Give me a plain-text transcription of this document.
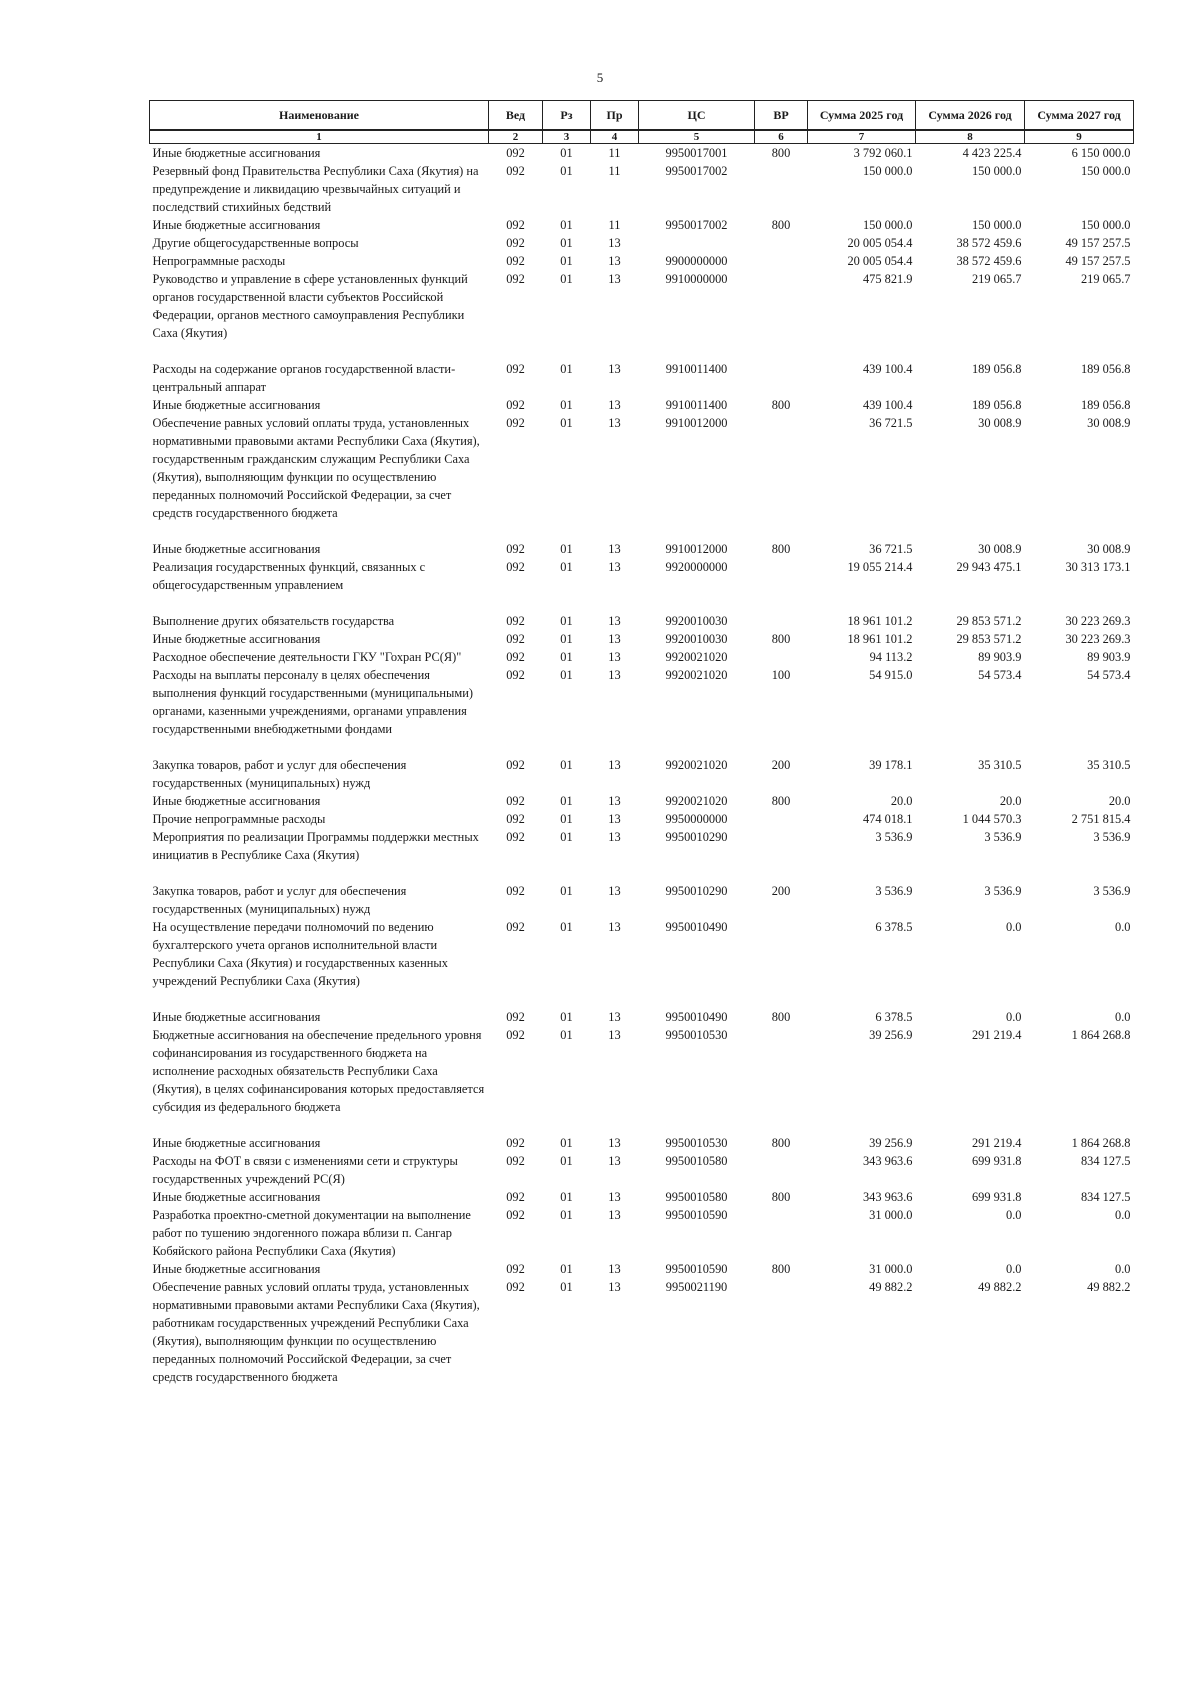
5
Наименование	Вед	Рз	Пр	ЦС	ВР	Сумма 2025 год	Сумма 2026 год	Сумма 2027 год
1	2	3	4	5	6	7	8	9
Иные бюджетные ассигнования	092	01	11	9950017001	800	3 792 060.1	4 423 225.4	6 150 000.0
Резервный фонд Правительства Республики Саха (Якутия) на предупреждение и ликвидацию чрезвычайных ситуаций и последствий стихийных бедствий	092	01	11	9950017002		150 000.0	150 000.0	150 000.0
Иные бюджетные ассигнования	092	01	11	9950017002	800	150 000.0	150 000.0	150 000.0
Другие общегосударственные вопросы	092	01	13			20 005 054.4	38 572 459.6	49 157 257.5
Непрограммные расходы	092	01	13	9900000000		20 005 054.4	38 572 459.6	49 157 257.5
Руководство и управление в сфере установленных функций органов государственной власти субъектов Российской Федерации, органов местного самоуправления Республики Саха (Якутия)	092	01	13	9910000000		475 821.9	219 065.7	219 065.7
Расходы на содержание органов государственной власти- центральный аппарат	092	01	13	9910011400		439 100.4	189 056.8	189 056.8
Иные бюджетные ассигнования	092	01	13	9910011400	800	439 100.4	189 056.8	189 056.8
Обеспечение равных условий оплаты труда, установленных нормативными правовыми актами Республики Саха (Якутия), государственным гражданским служащим Республики Саха (Якутия), выполняющим функции по осуществлению переданных полномочий Российской Федерации, за счет средств государственного бюджета	092	01	13	9910012000		36 721.5	30 008.9	30 008.9
Иные бюджетные ассигнования	092	01	13	9910012000	800	36 721.5	30 008.9	30 008.9
Реализация государственных функций, связанных с общегосударственным управлением	092	01	13	9920000000		19 055 214.4	29 943 475.1	30 313 173.1
Выполнение других обязательств государства	092	01	13	9920010030		18 961 101.2	29 853 571.2	30 223 269.3
Иные бюджетные ассигнования	092	01	13	9920010030	800	18 961 101.2	29 853 571.2	30 223 269.3
Расходное обеспечение деятельности ГКУ "Гохран РС(Я)"	092	01	13	9920021020		94 113.2	89 903.9	89 903.9
Расходы на выплаты персоналу в целях обеспечения выполнения функций государственными (муниципальными) органами, казенными учреждениями, органами управления государственными внебюджетными фондами	092	01	13	9920021020	100	54 915.0	54 573.4	54 573.4
Закупка товаров, работ и услуг для обеспечения государственных (муниципальных) нужд	092	01	13	9920021020	200	39 178.1	35 310.5	35 310.5
Иные бюджетные ассигнования	092	01	13	9920021020	800	20.0	20.0	20.0
Прочие непрограммные расходы	092	01	13	9950000000		474 018.1	1 044 570.3	2 751 815.4
Мероприятия по реализации Программы поддержки местных инициатив в Республике Саха (Якутия)	092	01	13	9950010290		3 536.9	3 536.9	3 536.9
Закупка товаров, работ и услуг для обеспечения государственных (муниципальных) нужд	092	01	13	9950010290	200	3 536.9	3 536.9	3 536.9
На осуществление передачи полномочий по ведению бухгалтерского учета органов исполнительной власти Республики Саха (Якутия) и государственных казенных учреждений Республики Саха (Якутия)	092	01	13	9950010490		6 378.5	0.0	0.0
Иные бюджетные ассигнования	092	01	13	9950010490	800	6 378.5	0.0	0.0
Бюджетные ассигнования на обеспечение предельного уровня софинансирования из государственного бюджета на исполнение расходных обязательств Республики Саха (Якутия), в целях софинансирования которых предоставляется субсидия из федерального бюджета	092	01	13	9950010530		39 256.9	291 219.4	1 864 268.8
Иные бюджетные ассигнования	092	01	13	9950010530	800	39 256.9	291 219.4	1 864 268.8
Расходы на ФОТ в связи с изменениями сети и структуры государственных учреждений РС(Я)	092	01	13	9950010580		343 963.6	699 931.8	834 127.5
Иные бюджетные ассигнования	092	01	13	9950010580	800	343 963.6	699 931.8	834 127.5
Разработка проектно-сметной документации на выполнение работ по тушению эндогенного пожара вблизи п. Сангар Кобяйского района Республики Саха (Якутия)	092	01	13	9950010590		31 000.0	0.0	0.0
Иные бюджетные ассигнования	092	01	13	9950010590	800	31 000.0	0.0	0.0
Обеспечение равных условий оплаты труда, установленных нормативными правовыми актами Республики Саха (Якутия), работникам государственных учреждений Республики Саха (Якутия), выполняющим функции по осуществлению переданных полномочий Российской Федерации, за счет средств государственного бюджета	092	01	13	9950021190		49 882.2	49 882.2	49 882.2
